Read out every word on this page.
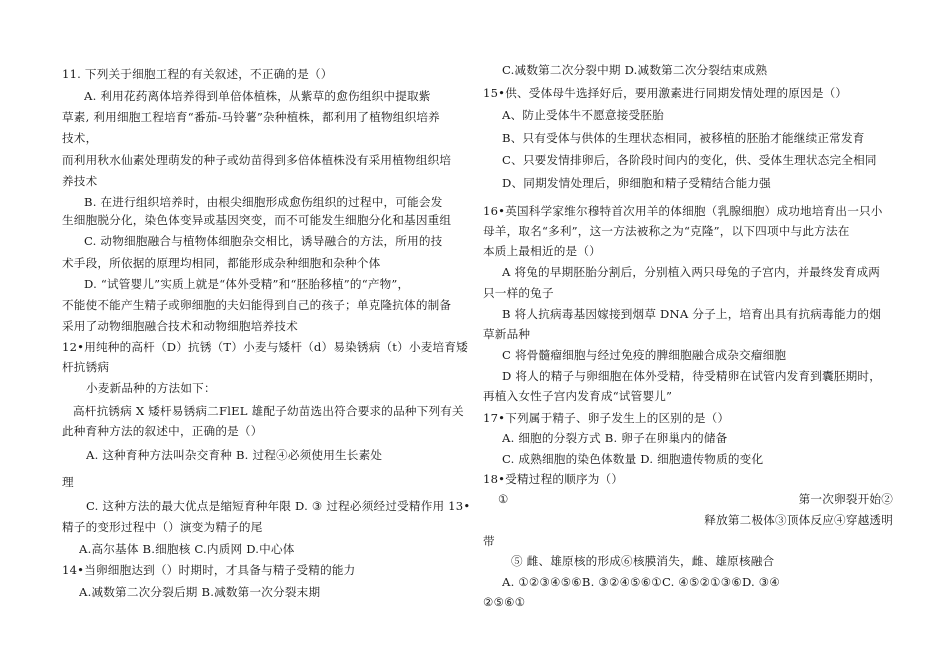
11. 下列关于细胞工程的有关叙述，不正确的是（）
A. 利用花药离体培养得到单倍体植株，从紫草的愈伤组织中提取紫
草素, 利用细胞工程培育“番茄-马铃薯”杂种植株，都利用了植物组织培养
技术，
而利用秋水仙素处理萌发的种子或幼苗得到多倍体植株没有采用植物组织培
养技术
B. 在进行组织培养时，由根尖细胞形成愈伤组织的过程中，可能会发
生细胞脱分化，染色体变异或基因突变，而不可能发生细胞分化和基因重组
C. 动物细胞融合与植物体细胞杂交相比，诱导融合的方法，所用的技
术手段，所依据的原理均相同，都能形成杂种细胞和杂种个体
D. “试管婴儿”实质上就是“体外受精”和“胚胎移植”的“产物”，
不能使不能产生精子或卵细胞的夫妇能得到自己的孩子；单克隆抗体的制备
采用了动物细胞融合技术和动物细胞培养技术
12•用纯种的高杆（D）抗锈（T）小麦与矮杆（d）易染锈病（t）小麦培育矮
杆抗锈病
小麦新品种的方法如下：
高杆抗锈病 X 矮杆易锈病二FlEL 雄配子幼苗选出符合要求的品种下列有关
此种育种方法的叙述中，正确的是（）
A. 这种育种方法叫杂交育种 B. 过程④必须使用生长素处
理
C. 这种方法的最大优点是缩短育种年限 D. ③ 过程必须经过受精作用 13•
精子的变形过程中（）演变为精子的尾
A.高尔基体 B.细胞核 C.内质网 D.中心体
14•当卵细胞达到（）时期时，才具备与精子受精的能力
A.减数第二次分裂后期 B.减数第一次分裂末期
C.减数第二次分裂中期 D.减数第二次分裂结束成熟
15•供、受体母牛选择好后，要用激素进行同期发情处理的原因是（）
A、防止受体牛不愿意接受胚胎
B、只有受体与供体的生理状态相同，被移植的胚胎才能继续正常发育
C、只要发情排卵后，各阶段时间内的变化，供、受体生理状态完全相同
D、同期发情处理后，卵细胞和精子受精结合能力强
16•英国科学家维尔穆特首次用羊的体细胞（乳腺细胞）成功地培育出一只小
母羊，取名“多利”，这一方法被称之为“克隆”，以下四项中与此方法在
本质上最相近的是（）
A 将兔的早期胚胎分割后，分别植入两只母兔的子宫内，并最终发育成两
只一样的兔子
B 将人抗病毒基因嫁接到烟草 DNA 分子上，培育出具有抗病毒能力的烟
草新品种
C 将骨髓瘤细胞与经过免疫的脾细胞融合成杂交瘤细胞
D 将人的精子与卵细胞在体外受精，待受精卵在试管内发育到囊胚期时，
再植入女性子宫内发育成“试管婴儿”
17•下列属于精子、卵子发生上的区别的是（）
A. 细胞的分裂方式 B. 卵子在卵巢内的储备
C. 成熟细胞的染色体数量 D. 细胞遗传物质的变化
18•受精过程的顺序为（）
①	第一次卵裂开始②
释放第二极体③顶体反应④穿越透明
带
⑤ 雌、雄原核的形成⑥核膜消失，雌、雄原核融合
A. ①②③④⑤⑥B. ③②④⑤⑥①C. ④⑤②①③⑥D. ③④
②⑤⑥①
